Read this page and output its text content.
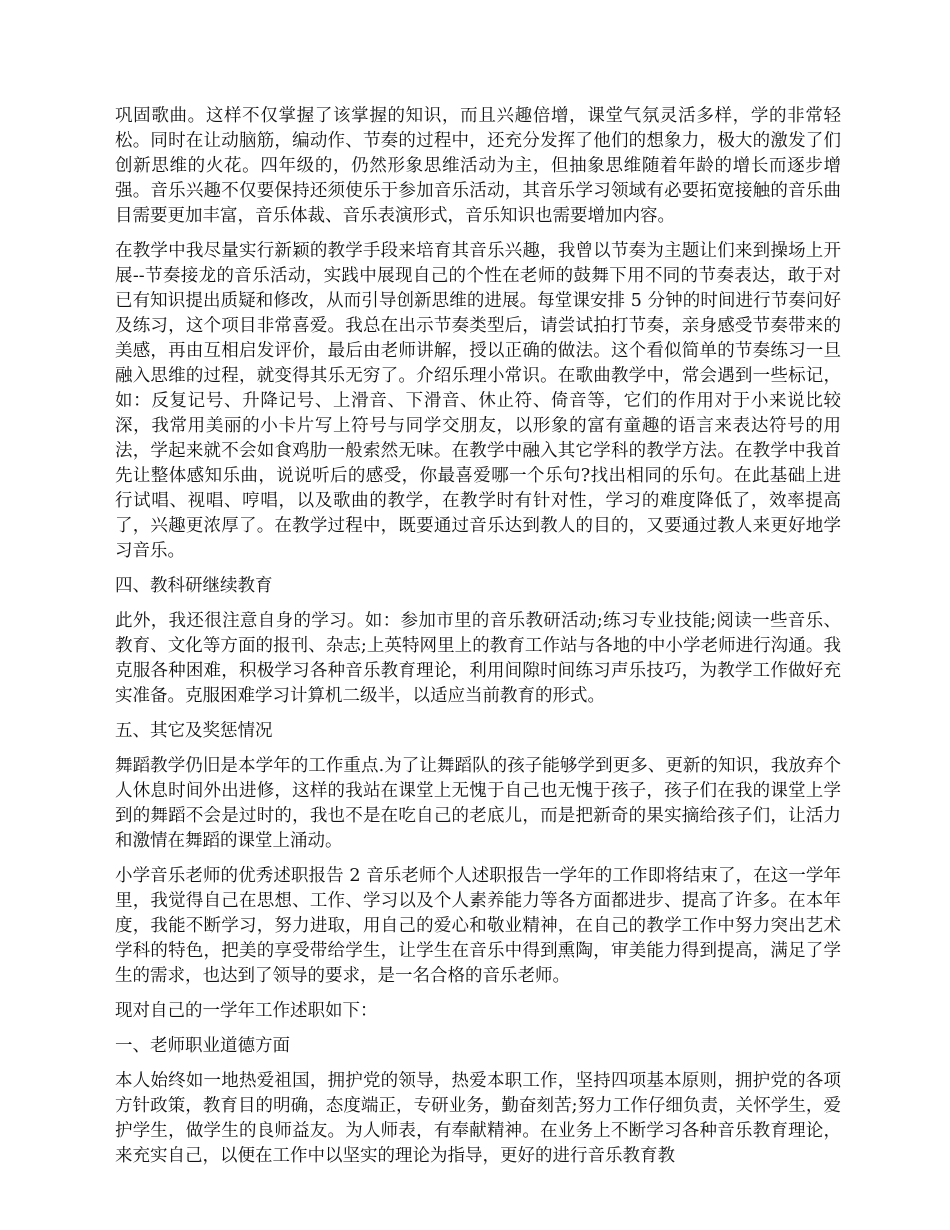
巩固歌曲。这样不仅掌握了该掌握的知识，而且兴趣倍增，课堂气氛灵活多样，学的非常轻松。同时在让动脑筋，编动作、节奏的过程中，还充分发挥了他们的想象力，极大的激发了们创新思维的火花。四年级的，仍然形象思维活动为主，但抽象思维随着年龄的增长而逐步增强。音乐兴趣不仅要保持还须使乐于参加音乐活动，其音乐学习领域有必要拓宽接触的音乐曲目需要更加丰富，音乐体裁、音乐表演形式，音乐知识也需要增加内容。

在教学中我尽量实行新颖的教学手段来培育其音乐兴趣，我曾以节奏为主题让们来到操场上开展--节奏接龙的音乐活动，实践中展现自己的个性在老师的鼓舞下用不同的节奏表达，敢于对已有知识提出质疑和修改，从而引导创新思维的进展。每堂课安排 5 分钟的时间进行节奏问好及练习，这个项目非常喜爱。我总在出示节奏类型后，请尝试拍打节奏，亲身感受节奏带来的美感，再由互相启发评价，最后由老师讲解，授以正确的做法。这个看似简单的节奏练习一旦融入思维的过程，就变得其乐无穷了。介绍乐理小常识。在歌曲教学中，常会遇到一些标记，如：反复记号、升降记号、上滑音、下滑音、休止符、倚音等，它们的作用对于小来说比较深，我常用美丽的小卡片写上符号与同学交朋友，以形象的富有童趣的语言来表达符号的用法，学起来就不会如食鸡肋一般索然无味。在教学中融入其它学科的教学方法。在教学中我首先让整体感知乐曲，说说听后的感受，你最喜爱哪一个乐句?找出相同的乐句。在此基础上进行试唱、视唱、哼唱，以及歌曲的教学，在教学时有针对性，学习的难度降低了，效率提高了，兴趣更浓厚了。在教学过程中，既要通过音乐达到教人的目的，又要通过教人来更好地学习音乐。

四、教科研继续教育

此外，我还很注意自身的学习。如：参加市里的音乐教研活动;练习专业技能;阅读一些音乐、教育、文化等方面的报刊、杂志;上英特网里上的教育工作站与各地的中小学老师进行沟通。我克服各种困难，积极学习各种音乐教育理论，利用间隙时间练习声乐技巧，为教学工作做好充实准备。克服困难学习计算机二级半，以适应当前教育的形式。

五、其它及奖惩情况

舞蹈教学仍旧是本学年的工作重点.为了让舞蹈队的孩子能够学到更多、更新的知识，我放弃个人休息时间外出进修，这样的我站在课堂上无愧于自己也无愧于孩子，孩子们在我的课堂上学到的舞蹈不会是过时的，我也不是在吃自己的老底儿，而是把新奇的果实摘给孩子们，让活力和激情在舞蹈的课堂上涌动。

小学音乐老师的优秀述职报告 2 音乐老师个人述职报告一学年的工作即将结束了，在这一学年里，我觉得自己在思想、工作、学习以及个人素养能力等各方面都进步、提高了许多。在本年度，我能不断学习，努力进取，用自己的爱心和敬业精神，在自己的教学工作中努力突出艺术学科的特色，把美的享受带给学生，让学生在音乐中得到熏陶，审美能力得到提高，满足了学生的需求，也达到了领导的要求，是一名合格的音乐老师。

现对自己的一学年工作述职如下：

一、老师职业道德方面

本人始终如一地热爱祖国，拥护党的领导，热爱本职工作，坚持四项基本原则，拥护党的各项方针政策，教育目的明确，态度端正，专研业务，勤奋刻苦;努力工作仔细负责，关怀学生，爱护学生，做学生的良师益友。为人师表，有奉献精神。在业务上不断学习各种音乐教育理论，来充实自己，以便在工作中以坚实的理论为指导，更好的进行音乐教育教
